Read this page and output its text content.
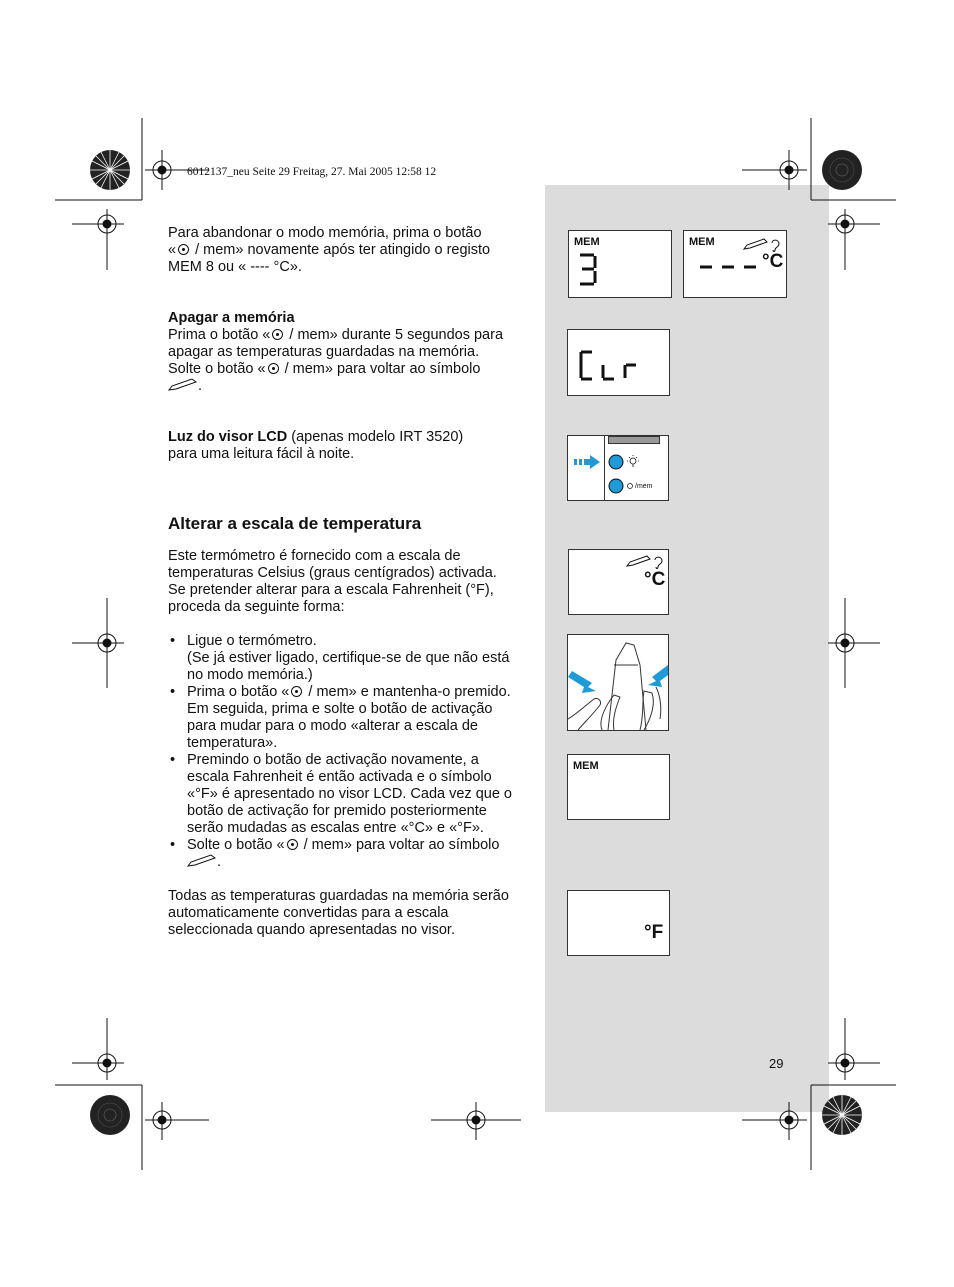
6012137_neu Seite 29 Freitag, 27. Mai 2005 12:58 12
Para abandonar o modo memória, prima o botão
« / mem» novamente após ter atingido o registo
MEM 8 ou « ---- °C».
Apagar a memória
Prima o botão « / mem» durante 5 segundos para
apagar as temperaturas guardadas na memória.
Solte o botão « / mem» para voltar ao símbolo
.
Luz do visor LCD (apenas modelo IRT 3520)
para uma leitura fácil à noite.
Alterar a escala de temperatura
Este termómetro é fornecido com a escala de
temperaturas Celsius (graus centígrados) activada.
Se pretender alterar para a escala Fahrenheit (°F),
proceda da seguinte forma:
• Ligue o termómetro.
(Se já estiver ligado, certifique-se de que não está
no modo memória.)
• Prima o botão « / mem» e mantenha-o premido.
Em seguida, prima e solte o botão de activação
para mudar para o modo «alterar a escala de
temperatura».
• Premindo o botão de activação novamente, a
escala Fahrenheit é então activada e o símbolo
«°F» é apresentado no visor LCD. Cada vez que o
botão de activação for premido posteriormente
serão mudadas as escalas entre «°C» e «°F».
• Solte o botão « / mem» para voltar ao símbolo
.
Todas as temperaturas guardadas na memória serão
automaticamente convertidas para a escala
seleccionada quando apresentadas no visor.
MEM	MEM
°C
/mem
°C
MEM
°F
29
